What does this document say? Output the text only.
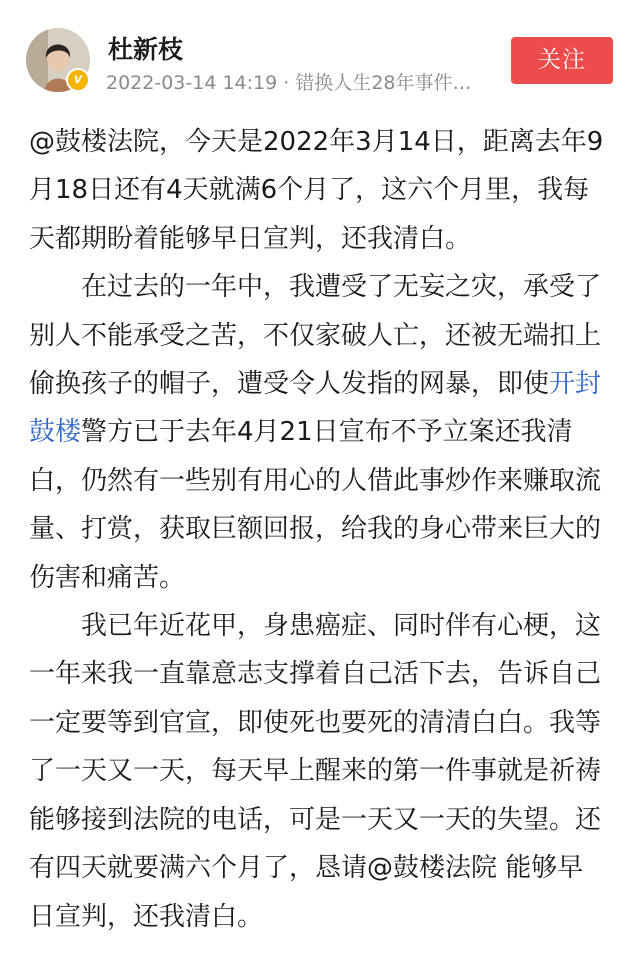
v
杜新枝
2022-03-14 14:19 · 错换人生28年事件…
关注

@鼓楼法院，今天是2022年3月14日，距离去年9月18日还有4天就满6个月了，这六个月里，我每天都期盼着能够早日宣判，还我清白。

在过去的一年中，我遭受了无妄之灾，承受了别人不能承受之苦，不仅家破人亡，还被无端扣上偷换孩子的帽子，遭受令人发指的网暴，即使开封鼓楼警方已于去年4月21日宣布不予立案还我清白，仍然有一些别有用心的人借此事炒作来赚取流量、打赏，获取巨额回报，给我的身心带来巨大的伤害和痛苦。

我已年近花甲，身患癌症、同时伴有心梗，这一年来我一直靠意志支撑着自己活下去，告诉自己一定要等到官宣，即使死也要死的清清白白。我等了一天又一天，每天早上醒来的第一件事就是祈祷能够接到法院的电话，可是一天又一天的失望。还有四天就要满六个月了，恳请@鼓楼法院 能够早日宣判，还我清白。
